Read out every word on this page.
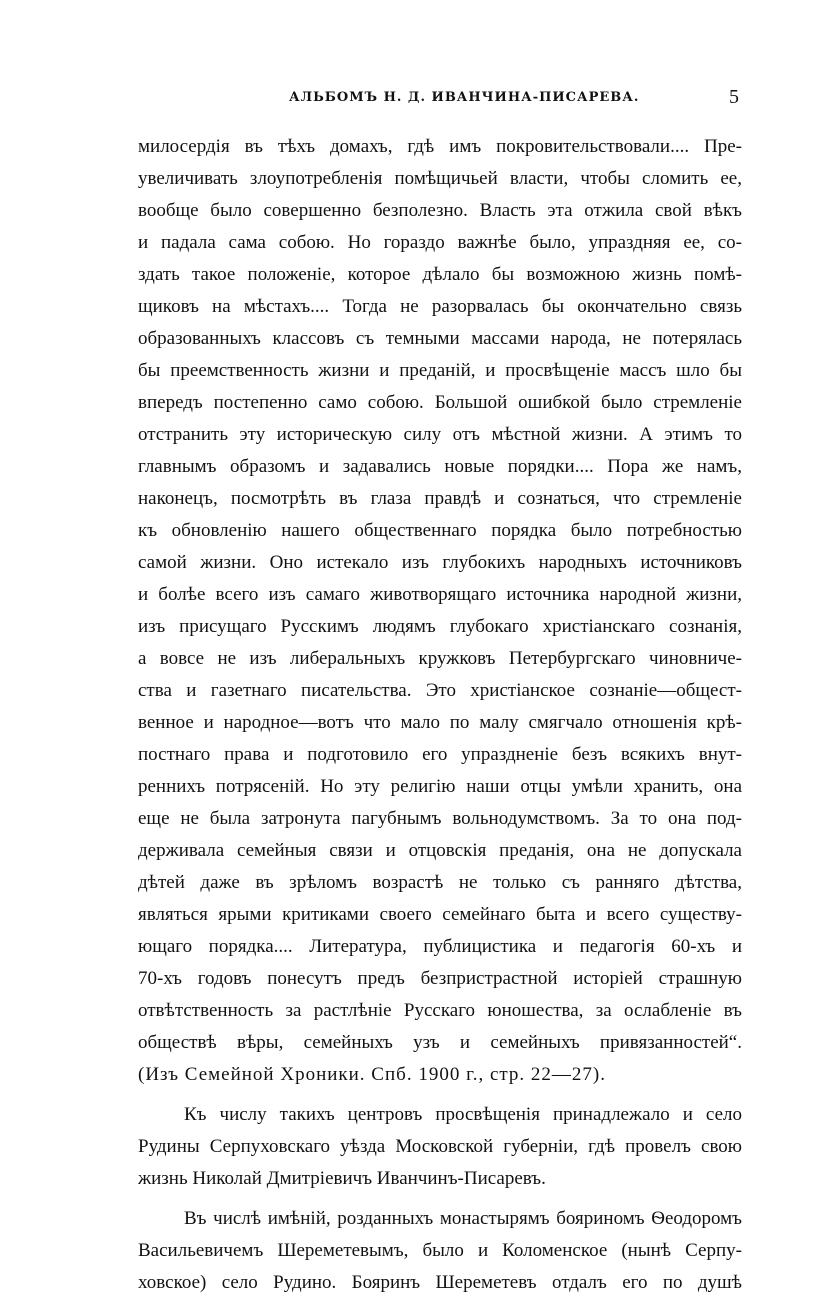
АЛЬБОМЪ Н. Д. ИВАНЧИНА-ПИСАРЕВА.	5
милосердія въ тѣхъ домахъ, гдѣ имъ покровительствовали.... Пре-
увеличивать злоупотребленія помѣщичьей власти, чтобы сломить ее,
вообще было совершенно безполезно. Власть эта отжила свой вѣкъ
и падала сама собою. Но гораздо важнѣе было, упраздняя ее, со-
здать такое положеніе, которое дѣлало бы возможною жизнь помѣ-
щиковъ на мѣстахъ.... Тогда не разорвалась бы окончательно связь
образованныхъ классовъ съ темными массами народа, не потерялась
бы преемственность жизни и преданій, и просвѣщеніе массъ шло бы
впередъ постепенно само собою. Большой ошибкой было стремленіе
отстранить эту историческую силу отъ мѣстной жизни. А этимъ то
главнымъ образомъ и задавались новые порядки.... Пора же намъ,
наконецъ, посмотрѣть въ глаза правдѣ и сознаться, что стремленіе
къ обновленію нашего общественнаго порядка было потребностью
самой жизни. Оно истекало изъ глубокихъ народныхъ источниковъ
и болѣе всего изъ самаго животворящаго источника народной жизни,
изъ присущаго Русскимъ людямъ глубокаго христіанскаго сознанія,
а вовсе не изъ либеральныхъ кружковъ Петербургскаго чиновниче-
ства и газетнаго писательства. Это христіанское сознаніе—общест-
венное и народное—вотъ что мало по малу смягчало отношенія крѣ-
постнаго права и подготовило его упраздненіе безъ всякихъ внут-
реннихъ потрясеній. Но эту религію наши отцы умѣли хранить, она
еще не была затронута пагубнымъ вольнодумствомъ. За то она под-
держивала семейныя связи и отцовскія преданія, она не допускала
дѣтей даже въ зрѣломъ возрастѣ не только съ ранняго дѣтства,
являться ярыми критиками своего семейнаго быта и всего существу-
ющаго порядка.... Литература, публицистика и педагогія 60-хъ и
70-хъ годовъ понесутъ предъ безпристрастной исторіей страшную
отвѣтственность за растлѣніе Русскаго юношества, за ослабленіе въ
обществѣ вѣры, семейныхъ узъ и семейныхъ привязанностей“.
(Изъ Семейной Хроники. Спб. 1900 г., стр. 22—27).
Къ числу такихъ центровъ просвѣщенія принадлежало и село
Рудины Серпуховскаго уѣзда Московской губерніи, гдѣ провелъ свою
жизнь Николай Дмитріевичъ Иванчинъ-Писаревъ.
Въ числѣ имѣній, розданныхъ монастырямъ бояриномъ Ѳеодоромъ
Васильевичемъ Шереметевымъ, было и Коломенское (нынѣ Серпу-
ховское) село Рудино. Бояринъ Шереметевъ отдалъ его по душѣ
